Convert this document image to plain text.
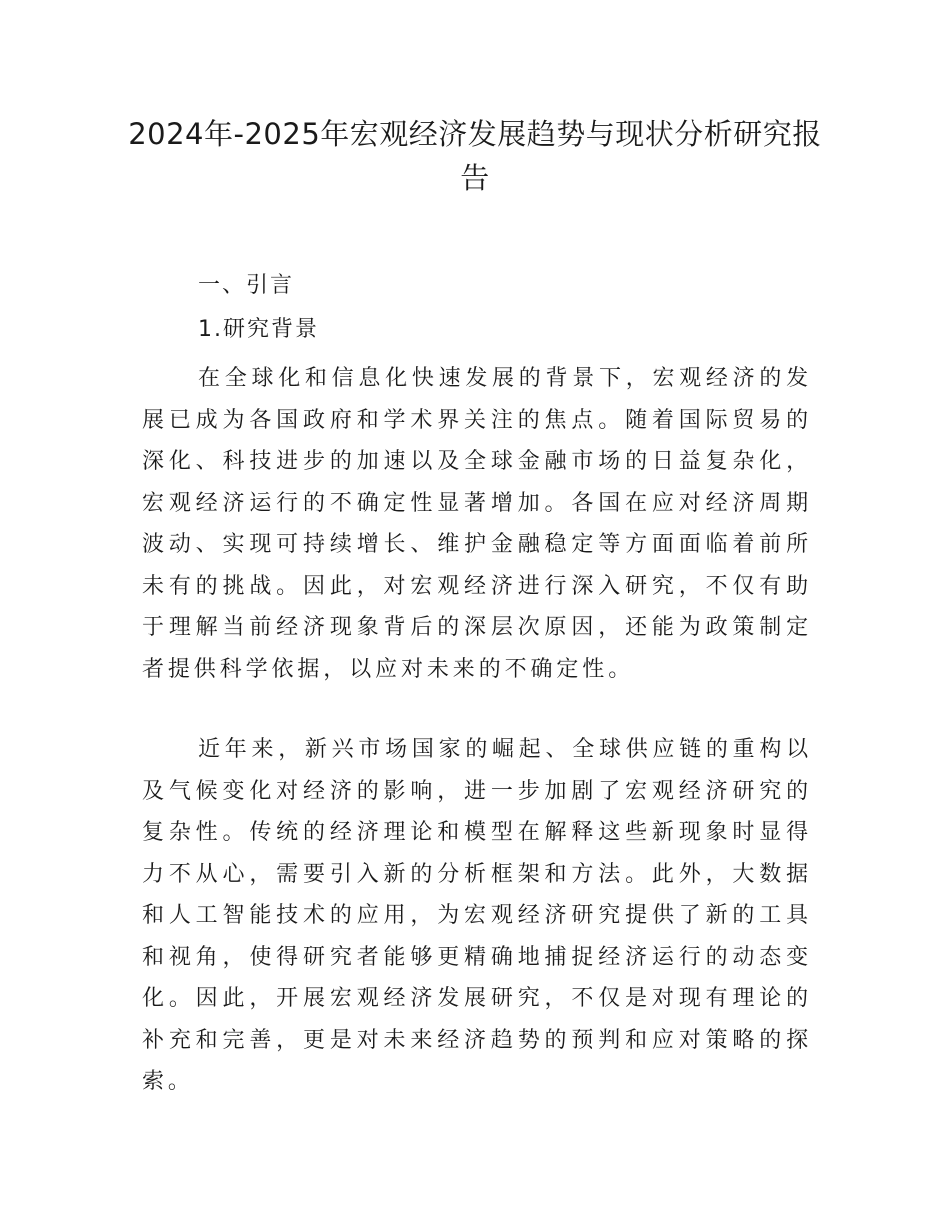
2024年-2025年宏观经济发展趋势与现状分析研究报告
一、引言
1.研究背景

在全球化和信息化快速发展的背景下，宏观经济的发展已成为各国政府和学术界关注的焦点。随着国际贸易的深化、科技进步的加速以及全球金融市场的日益复杂化，宏观经济运行的不确定性显著增加。各国在应对经济周期波动、实现可持续增长、维护金融稳定等方面面临着前所未有的挑战。因此，对宏观经济进行深入研究，不仅有助于理解当前经济现象背后的深层次原因，还能为政策制定者提供科学依据，以应对未来的不确定性。

近年来，新兴市场国家的崛起、全球供应链的重构以及气候变化对经济的影响，进一步加剧了宏观经济研究的复杂性。传统的经济理论和模型在解释这些新现象时显得力不从心，需要引入新的分析框架和方法。此外，大数据和人工智能技术的应用，为宏观经济研究提供了新的工具和视角，使得研究者能够更精确地捕捉经济运行的动态变化。因此，开展宏观经济发展研究，不仅是对现有理论的补充和完善，更是对未来经济趋势的预判和应对策略的探索。
